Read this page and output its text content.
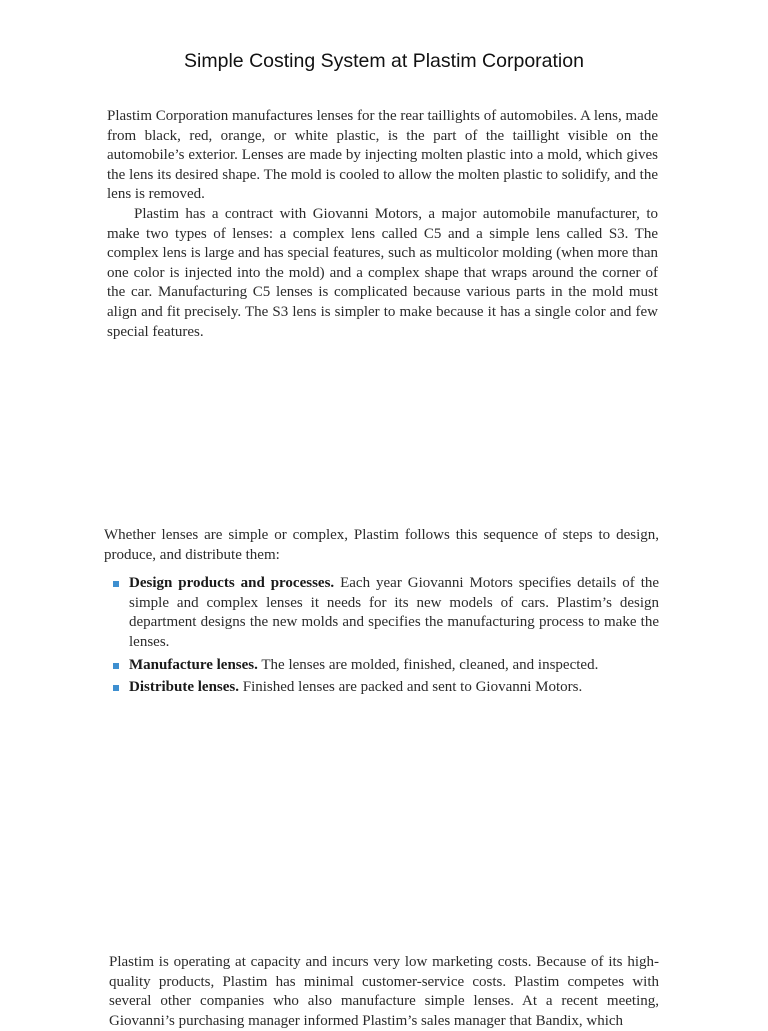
Simple Costing System at Plastim Corporation

Plastim Corporation manufactures lenses for the rear taillights of automobiles. A lens, made from black, red, orange, or white plastic, is the part of the taillight visible on the automobile’s exterior. Lenses are made by injecting molten plastic into a mold, which gives the lens its desired shape. The mold is cooled to allow the molten plastic to solidify, and the lens is removed.

Plastim has a contract with Giovanni Motors, a major automobile manufacturer, to make two types of lenses: a complex lens called C5 and a simple lens called S3. The complex lens is large and has special features, such as multicolor molding (when more than one color is injected into the mold) and a complex shape that wraps around the corner of the car. Manufacturing C5 lenses is complicated because various parts in the mold must align and fit precisely. The S3 lens is simpler to make because it has a single color and few special features.

Whether lenses are simple or complex, Plastim follows this sequence of steps to design, produce, and distribute them:

Design products and processes. Each year Giovanni Motors specifies details of the simple and complex lenses it needs for its new models of cars. Plastim’s design department designs the new molds and specifies the manufacturing process to make the lenses.
Manufacture lenses. The lenses are molded, finished, cleaned, and inspected.
Distribute lenses. Finished lenses are packed and sent to Giovanni Motors.

Plastim is operating at capacity and incurs very low marketing costs. Because of its high-quality products, Plastim has minimal customer-service costs. Plastim competes with several other companies who also manufacture simple lenses. At a recent meeting, Giovanni’s purchasing manager informed Plastim’s sales manager that Bandix, which
